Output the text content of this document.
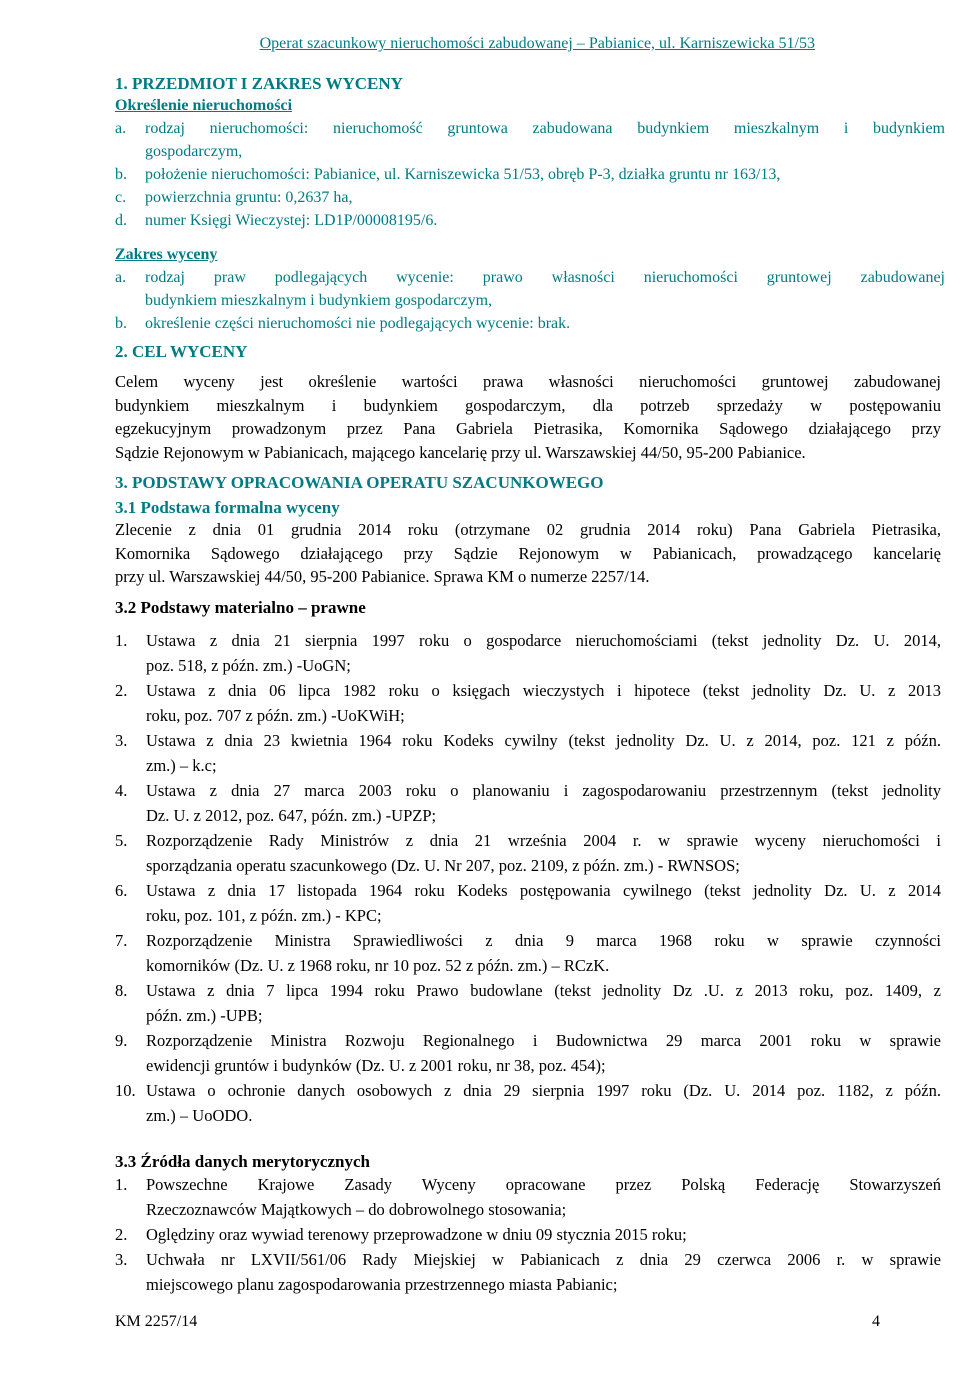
Operat szacunkowy nieruchomości zabudowanej – Pabianice, ul. Karniszewicka 51/53
1. PRZEDMIOT I ZAKRES WYCENY
Określenie nieruchomości
a. rodzaj nieruchomości: nieruchomość gruntowa zabudowana budynkiem mieszkalnym i budynkiem
gospodarczym,
b. położenie nieruchomości: Pabianice, ul. Karniszewicka 51/53, obręb P-3, działka gruntu nr 163/13,
c. powierzchnia gruntu: 0,2637 ha,
d. numer Księgi Wieczystej: LD1P/00008195/6.
Zakres wyceny
a. rodzaj praw podlegających wycenie: prawo własności nieruchomości gruntowej zabudowanej
budynkiem mieszkalnym i budynkiem gospodarczym,
b. określenie części nieruchomości nie podlegających wycenie: brak.
2. CEL WYCENY
Celem wyceny jest określenie wartości prawa własności nieruchomości gruntowej zabudowanej
budynkiem mieszkalnym i budynkiem gospodarczym, dla potrzeb sprzedaży w postępowaniu
egzekucyjnym prowadzonym przez Pana Gabriela Pietrasika, Komornika Sądowego działającego przy
Sądzie Rejonowym w Pabianicach, mającego kancelarię przy ul. Warszawskiej 44/50, 95-200 Pabianice.
3. PODSTAWY OPRACOWANIA OPERATU SZACUNKOWEGO
3.1 Podstawa formalna wyceny
Zlecenie z dnia 01 grudnia 2014 roku (otrzymane 02 grudnia 2014 roku) Pana Gabriela Pietrasika,
Komornika Sądowego działającego przy Sądzie Rejonowym w Pabianicach, prowadzącego kancelarię
przy ul. Warszawskiej 44/50, 95-200 Pabianice. Sprawa KM o numerze 2257/14.
3.2 Podstawy materialno – prawne
1. Ustawa z dnia 21 sierpnia 1997 roku o gospodarce nieruchomościami (tekst jednolity Dz. U. 2014,
poz. 518, z późn. zm.) -UoGN;
2. Ustawa z dnia 06 lipca 1982 roku o księgach wieczystych i hipotece (tekst jednolity Dz. U. z 2013
roku, poz. 707 z późn. zm.) -UoKWiH;
3. Ustawa z dnia 23 kwietnia 1964 roku Kodeks cywilny (tekst jednolity Dz. U. z 2014, poz. 121 z późn.
zm.) – k.c;
4. Ustawa z dnia 27 marca 2003 roku o planowaniu i zagospodarowaniu przestrzennym (tekst jednolity
Dz. U. z 2012, poz. 647, późn. zm.) -UPZP;
5. Rozporządzenie Rady Ministrów z dnia 21 września 2004 r. w sprawie wyceny nieruchomości i
sporządzania operatu szacunkowego (Dz. U. Nr 207, poz. 2109, z późn. zm.) - RWNSOS;
6. Ustawa z dnia 17 listopada 1964 roku Kodeks postępowania cywilnego (tekst jednolity Dz. U. z 2014
roku, poz. 101, z późn. zm.) - KPC;
7. Rozporządzenie Ministra Sprawiedliwości z dnia 9 marca 1968 roku w sprawie czynności
komorników (Dz. U. z 1968 roku, nr 10 poz. 52 z późn. zm.) – RCzK.
8. Ustawa z dnia 7 lipca 1994 roku Prawo budowlane (tekst jednolity Dz .U. z 2013 roku, poz. 1409, z
późn. zm.) -UPB;
9. Rozporządzenie Ministra Rozwoju Regionalnego i Budownictwa 29 marca 2001 roku w sprawie
ewidencji gruntów i budynków (Dz. U. z 2001 roku, nr 38, poz. 454);
10. Ustawa o ochronie danych osobowych z dnia 29 sierpnia 1997 roku (Dz. U. 2014 poz. 1182, z późn.
zm.) – UoODO.
3.3 Źródła danych merytorycznych
1. Powszechne Krajowe Zasady Wyceny opracowane przez Polską Federację Stowarzyszeń
Rzeczoznawców Majątkowych – do dobrowolnego stosowania;
2. Oględziny oraz wywiad terenowy przeprowadzone w dniu 09 stycznia 2015 roku;
3. Uchwała nr LXVII/561/06 Rady Miejskiej w Pabianicach z dnia 29 czerwca 2006 r. w sprawie
miejscowego planu zagospodarowania przestrzennego miasta Pabianic;
KM 2257/14	4
